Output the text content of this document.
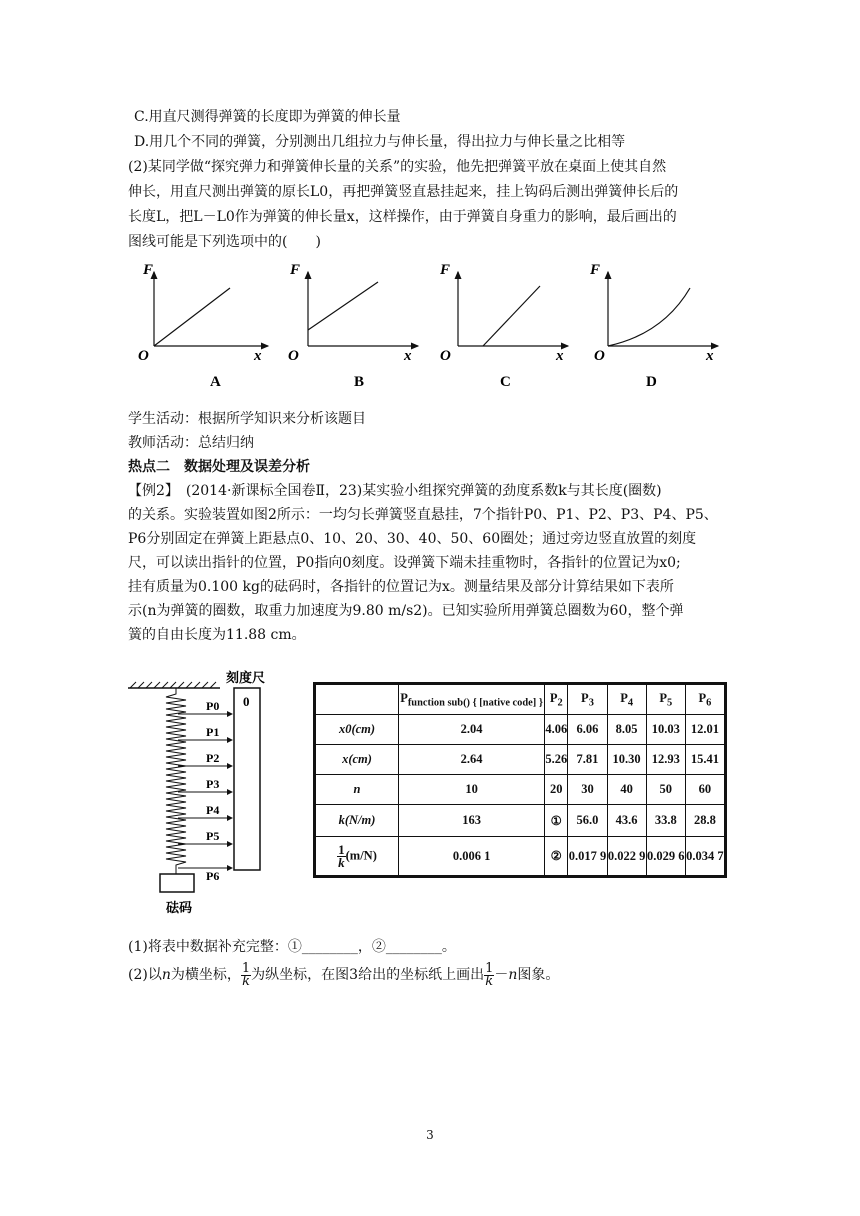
C.用直尺测得弹簧的长度即为弹簧的伸长量
D.用几个不同的弹簧，分别测出几组拉力与伸长量，得出拉力与伸长量之比相等
(2)某同学做“探究弹力和弹簧伸长量的关系”的实验，他先把弹簧平放在桌面上使其自然
伸长，用直尺测出弹簧的原长L0，再把弹簧竖直悬挂起来，挂上钩码后测出弹簧伸长后的
长度L，把L－L0作为弹簧的伸长量x，这样操作，由于弹簧自身重力的影响，最后画出的
图线可能是下列选项中的(　　)
F
O	x
A
F
O	x
B
F
O	x
C
F
O	x
D
学生活动：根据所学知识来分析该题目
教师活动：总结归纳
热点二　数据处理及误差分析
【例2】　(2014·新课标全国卷Ⅱ，23)某实验小组探究弹簧的劲度系数k与其长度(圈数)
的关系。实验装置如图2所示：一均匀长弹簧竖直悬挂，7个指针P0、P1、P2、P3、P4、P5、
P6分别固定在弹簧上距悬点0、10、20、30、40、50、60圈处；通过旁边竖直放置的刻度
尺，可以读出指针的位置，P0指向0刻度。设弹簧下端未挂重物时，各指针的位置记为x0;
挂有质量为0.100 kg的砝码时，各指针的位置记为x。测量结果及部分计算结果如下表所
示(n为弹簧的圈数，取重力加速度为9.80 m/s2)。已知实验所用弹簧总圈数为60，整个弹
簧的自由长度为11.88 cm。
刻度尺
0
P0
P1
P2
P3
P4
P5
P6
砝码
	$P_{function sub() \{ [native code] \}}$	$P_2$	$P_3$	$P_4$	$P_5$	$P_6$
x0(cm)	2.04	4.06	6.06	8.05	10.03	12.01
x(cm)	2.64	5.26	7.81	10.30	12.93	15.41
n	10	20	30	40	50	60
k(N/m)	163	①	56.0	43.6	33.8	28.8

$\frac{1}{k} (m/N)$	0.006 1	②	0.017 9	0.022 9	0.029 6	0.034 7
(1)将表中数据补充完整：①________，②________。
(2)以n为横坐标， $\frac{1}{k}$ 为纵坐标，在图3给出的坐标纸上画出 $\frac{1}{k} -n$图象。
3
